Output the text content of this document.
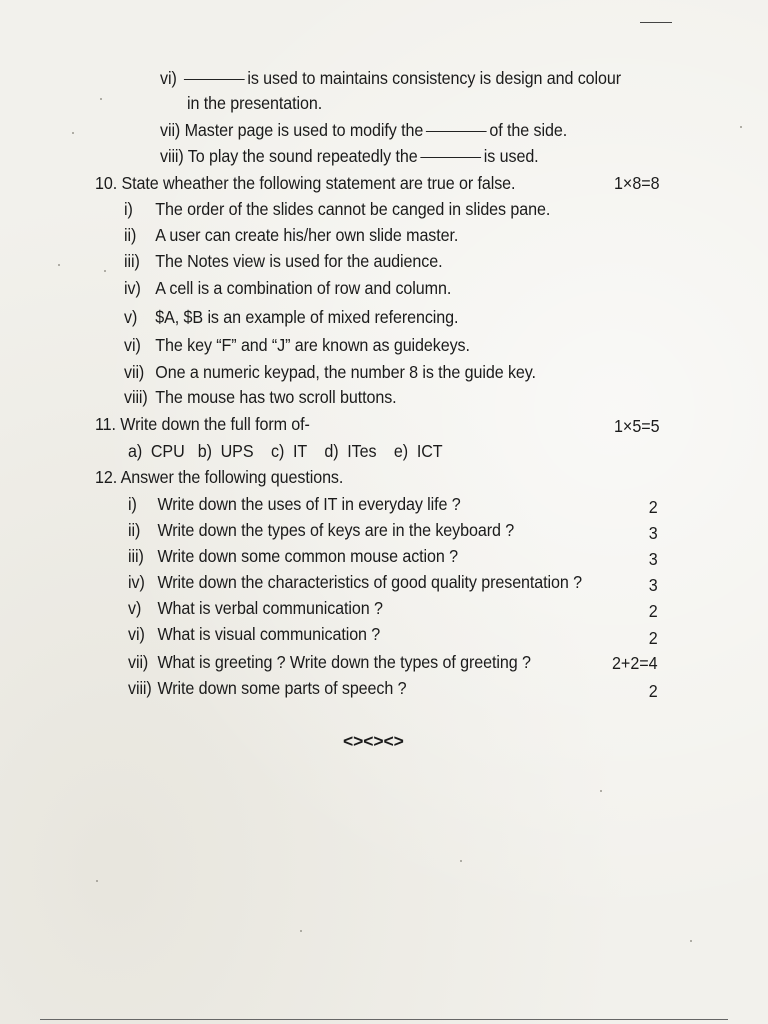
vi)	is used to maintains consistency is design and colour
in the presentation.
vii) Master page is used to modify the	of the side.
viii) To play the sound repeatedly the	is used.
10. State wheather the following statement are true or false.	1×8=8
i) The order of the slides cannot be canged in slides pane.
ii) A user can create his/her own slide master.
iii) The Notes view is used for the audience.
iv) A cell is a combination of row and column.
v) $A, $B is an example of mixed referencing.
vi) The key “F” and “J” are known as guidekeys.
vii) One a numeric keypad, the number 8 is the guide key.
viii) The mouse has two scroll buttons.
11. Write down the full form of-	1×5=5
a)  CPU   b)  UPS    c)  IT    d)  ITes    e)  ICT
12. Answer the following questions.
i) Write down the uses of IT in everyday life ?	2
ii) Write down the types of keys are in the keyboard ?	3
iii) Write down some common mouse action ?	3
iv) Write down the characteristics of good quality presentation ?	3
v) What is verbal communication ?	2
vi) What is visual communication ?	2
vii) What is greeting ? Write down the types of greeting ?	2+2=4
viii) Write down some parts of speech ?	2
<><><>
